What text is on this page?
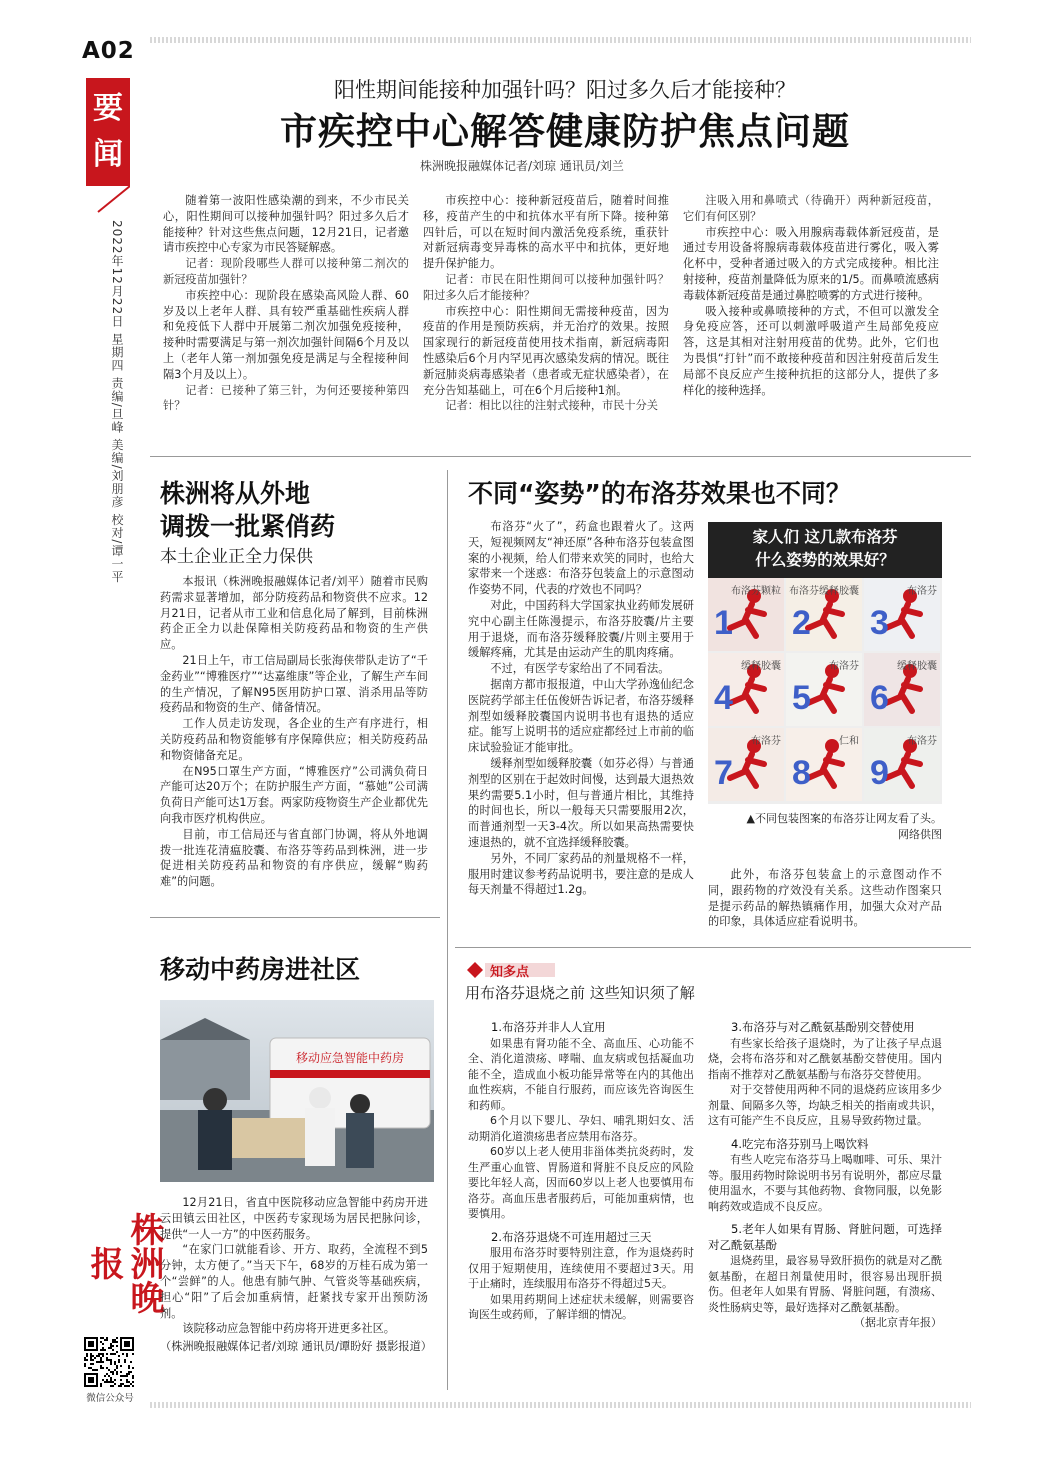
A02
要闻
2022年12月22日 星期四 责编/旦峰 美编/刘朋彦 校对/谭一平
株洲晚报
微信公众号
阳性期间能接种加强针吗？阳过多久后才能接种？
市疾控中心解答健康防护焦点问题
株洲晚报融媒体记者/刘琼 通讯员/刘兰

随着第一波阳性感染潮的到来，不少市民关心，阳性期间可以接种加强针吗？阳过多久后才能接种？针对这些焦点问题，12月21日，记者邀请市疾控中心专家为市民答疑解惑。

记者：现阶段哪些人群可以接种第二剂次的新冠疫苗加强针？

市疾控中心：现阶段在感染高风险人群、60岁及以上老年人群、具有较严重基础性疾病人群和免疫低下人群中开展第二剂次加强免疫接种，接种时需要满足与第一剂次加强针间隔6个月及以上（老年人第一剂加强免疫是满足与全程接种间隔3个月及以上）。

记者：已接种了第三针，为何还要接种第四针？

市疾控中心：接种新冠疫苗后，随着时间推移，疫苗产生的中和抗体水平有所下降。接种第四针后，可以在短时间内激活免疫系统，重获针对新冠病毒变异毒株的高水平中和抗体，更好地提升保护能力。

记者：市民在阳性期间可以接种加强针吗？阳过多久后才能接种？

市疾控中心：阳性期间无需接种疫苗，因为疫苗的作用是预防疾病，并无治疗的效果。按照国家现行的新冠疫苗使用技术指南，新冠病毒阳性感染后6个月内罕见再次感染发病的情况。既往新冠肺炎病毒感染者（患者或无症状感染者），在充分告知基础上，可在6个月后接种1剂。

记者：相比以往的注射式接种，市民十分关

注吸入用和鼻喷式（待确开）两种新冠疫苗，它们有何区别？

市疾控中心：吸入用腺病毒载体新冠疫苗，是通过专用设备将腺病毒载体疫苗进行雾化，吸入雾化杯中，受种者通过吸入的方式完成接种。相比注射接种，疫苗剂量降低为原来的1/5。而鼻喷流感病毒载体新冠疫苗是通过鼻腔喷雾的方式进行接种。

吸入接种或鼻喷接种的方式，不但可以激发全身免疫应答，还可以刺激呼吸道产生局部免疫应答，这是其相对注射用疫苗的优势。此外，它们也为畏惧“打针”而不敢接种疫苗和因注射疫苗后发生局部不良反应产生接种抗拒的这部分人，提供了多样化的接种选择。

株洲将从外地
调拨一批紧俏药
本土企业正全力保供

本报讯（株洲晚报融媒体记者/刘平）随着市民购药需求显著增加，部分防疫药品和物资供不应求。12月21日，记者从市工业和信息化局了解到，目前株洲药企正全力以赴保障相关防疫药品和物资的生产供应。

21日上午，市工信局副局长张海侠带队走访了“千金药业”“博雅医疗”“达嘉维康”等企业，了解生产车间的生产情况，了解N95医用防护口罩、消杀用品等防疫药品和物资的生产、储备情况。

工作人员走访发现，各企业的生产有序进行，相关防疫药品和物资能够有序保障供应；相关防疫药品和物资储备充足。

在N95口罩生产方面，“博雅医疗”公司满负荷日产能可达20万个；在防护服生产方面，“慕她”公司满负荷日产能可达1万套。两家防疫物资生产企业都优先向我市医疗机构供应。

目前，市工信局还与省直部门协调，将从外地调拨一批连花清瘟胶囊、布洛芬等药品到株洲，进一步促进相关防疫药品和物资的有序供应，缓解“购药难”的问题。

移动中药房进社区
移动应急智能中药房

12月21日，省直中医院移动应急智能中药房开进云田镇云田社区，中医药专家现场为居民把脉问诊，提供“一人一方”的中医药服务。

“在家门口就能看诊、开方、取药，全流程不到5分钟，太方便了。”当天下午，68岁的万桂石成为第一个“尝鲜”的人。他患有肺气肿、气管炎等基础疾病，担心“阳”了后会加重病情，赶紧找专家开出预防汤剂。

该院移动应急智能中药房将开进更多社区。

（株洲晚报融媒体记者/刘琼 通讯员/谭盼好 摄影报道）
不同“姿势”的布洛芬效果也不同？

布洛芬“火了”，药盒也跟着火了。这两天，短视频网友“神还原”各种布洛芬包装盒图案的小视频，给人们带来欢笑的同时，也给大家带来一个迷惑：布洛芬包装盒上的示意图动作姿势不同，代表的疗效也不同吗？

对此，中国药科大学国家执业药师发展研究中心副主任陈漫提示，布洛芬胶囊/片主要用于退烧，而布洛芬缓释胶囊/片则主要用于缓解疼痛，尤其是由运动产生的肌肉疼痛。

不过，有医学专家给出了不同看法。

据南方都市报报道，中山大学孙逸仙纪念医院药学部主任伍俊妍告诉记者，布洛芬缓释剂型如缓释胶囊国内说明书也有退热的适应症。能写上说明书的适应症都经过上市前的临床试验验证才能审批。

缓释剂型如缓释胶囊（如芬必得）与普通剂型的区别在于起效时间慢，达到最大退热效果约需要5.1小时，但与普通片相比，其维持的时间也长，所以一般每天只需要服用2次，而普通剂型一天3-4次。所以如果高热需要快速退热的，就不宜选择缓释胶囊。

另外，不同厂家药品的剂量规格不一样，服用时建议参考药品说明书，要注意的是成人每天剂量不得超过1.2g。

家人们 这几款布洛芬
什么姿势的效果好？
布洛芬颗粒
1
布洛芬缓释胶囊
2
布洛芬
3
缓释胶囊
4
布洛芬
5
缓释胶囊
6
布洛芬
7
仁和
8
布洛芬
9
▲不同包装图案的布洛芬让网友看了头。
网络供图

此外，布洛芬包装盒上的示意图动作不同，跟药物的疗效没有关系。这些动作图案只是提示药品的解热镇痛作用，加强大众对产品的印象，具体适应症看说明书。

知多点
用布洛芬退烧之前 这些知识须了解
1.布洛芬并非人人宜用

如果患有肾功能不全、高血压、心功能不全、消化道溃疡、哮喘、血友病或包括凝血功能不全，造成血小板功能异常等在内的其他出血性疾病，不能自行服药，而应该先咨询医生和药师。

6个月以下婴儿、孕妇、哺乳期妇女、活动期消化道溃疡患者应禁用布洛芬。

60岁以上老人使用非甾体类抗炎药时，发生严重心血管、胃肠道和肾脏不良反应的风险要比年轻人高，因而60岁以上老人也要慎用布洛芬。高血压患者服药后，可能加重病情，也要慎用。

2.布洛芬退烧不可连用超过三天

服用布洛芬时要特别注意，作为退烧药时仅用于短期使用，连续使用不要超过3天。用于止痛时，连续服用布洛芬不得超过5天。

如果用药期间上述症状未缓解，则需要咨询医生或药师，了解详细的情况。

3.布洛芬与对乙酰氨基酚别交替使用

有些家长给孩子退烧时，为了让孩子早点退烧，会将布洛芬和对乙酰氨基酚交替使用。国内指南不推荐对乙酰氨基酚与布洛芬交替使用。

对于交替使用两种不同的退烧药应该用多少剂量、间隔多久等，均缺乏相关的指南或共识，这有可能产生不良反应，且易导致药物过量。

4.吃完布洛芬别马上喝饮料

有些人吃完布洛芬马上喝咖啡、可乐、果汁等。服用药物时除说明书另有说明外，都应尽量使用温水，不要与其他药物、食物同服，以免影响药效或造成不良反应。

5.老年人如果有胃肠、肾脏问题，可选择对乙酰氨基酚

退烧药里，最容易导致肝损伤的就是对乙酰氨基酚，在超日剂量使用时，很容易出现肝损伤。但老年人如果有胃肠、肾脏问题，有溃疡、炎性肠病史等，最好选择对乙酰氨基酚。

（据北京青年报）
